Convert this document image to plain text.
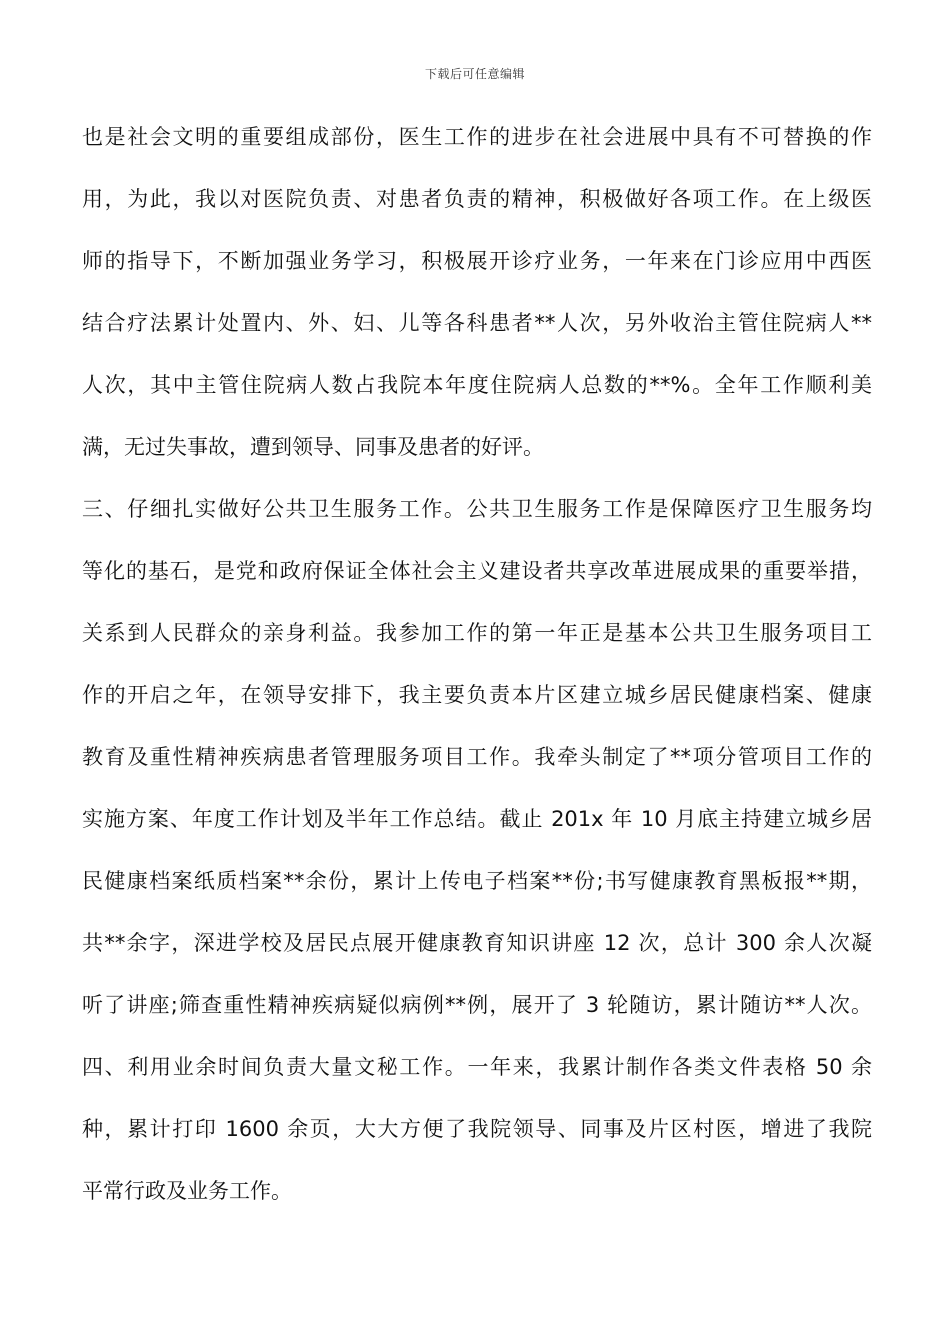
下载后可任意编辑
也是社会文明的重要组成部份，医生工作的进步在社会进展中具有不可替换的作
用，为此，我以对医院负责、对患者负责的精神，积极做好各项工作。在上级医
师的指导下，不断加强业务学习，积极展开诊疗业务，一年来在门诊应用中西医
结合疗法累计处置内、外、妇、儿等各科患者**人次，另外收治主管住院病人**
人次，其中主管住院病人数占我院本年度住院病人总数的**%。全年工作顺利美
满，无过失事故，遭到领导、同事及患者的好评。
三、仔细扎实做好公共卫生服务工作。公共卫生服务工作是保障医疗卫生服务均
等化的基石，是党和政府保证全体社会主义建设者共享改革进展成果的重要举措，
关系到人民群众的亲身利益。我参加工作的第一年正是基本公共卫生服务项目工
作的开启之年，在领导安排下，我主要负责本片区建立城乡居民健康档案、健康
教育及重性精神疾病患者管理服务项目工作。我牵头制定了**项分管项目工作的
实施方案、年度工作计划及半年工作总结。截止 201x 年 10 月底主持建立城乡居
民健康档案纸质档案**余份，累计上传电子档案**份;书写健康教育黑板报**期，
共**余字，深进学校及居民点展开健康教育知识讲座 12 次，总计 300 余人次凝
听了讲座;筛查重性精神疾病疑似病例**例，展开了 3 轮随访，累计随访**人次。
四、利用业余时间负责大量文秘工作。一年来，我累计制作各类文件表格 50 余
种，累计打印 1600 余页，大大方便了我院领导、同事及片区村医，增进了我院
平常行政及业务工作。
